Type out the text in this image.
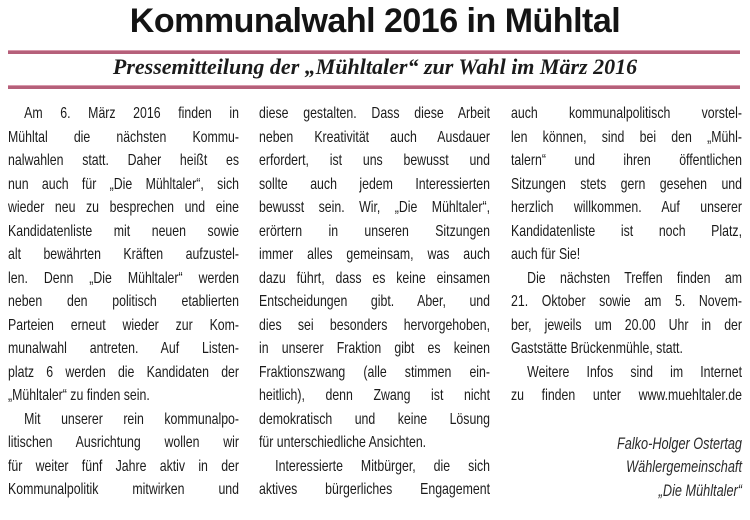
Kommunalwahl 2016 in Mühltal
Pressemitteilung der „Mühltaler“ zur Wahl im März 2016
Am 6. März 2016 finden in
Mühltal die nächsten Kommu-
nalwahlen statt. Daher heißt es
nun auch für „Die Mühltaler“, sich
wieder neu zu besprechen und eine
Kandidatenliste mit neuen sowie
alt bewährten Kräften aufzustel-
len. Denn „Die Mühltaler“ werden
neben den politisch etablierten
Parteien erneut wieder zur Kom-
munalwahl antreten. Auf Listen-
platz 6 werden die Kandidaten der
„Mühltaler“ zu finden sein.
Mit unserer rein kommunalpo-
litischen Ausrichtung wollen wir
für weiter fünf Jahre aktiv in der
Kommunalpolitik mitwirken und
diese gestalten. Dass diese Arbeit
neben Kreativität auch Ausdauer
erfordert, ist uns bewusst und
sollte auch jedem Interessierten
bewusst sein. Wir, „Die Mühltaler“,
erörtern in unseren Sitzungen
immer alles gemeinsam, was auch
dazu führt, dass es keine einsamen
Entscheidungen gibt. Aber, und
dies sei besonders hervorgehoben,
in unserer Fraktion gibt es keinen
Fraktionszwang (alle stimmen ein-
heitlich), denn Zwang ist nicht
demokratisch und keine Lösung
für unterschiedliche Ansichten.
Interessierte Mitbürger, die sich
aktives bürgerliches Engagement
auch kommunalpolitisch vorstel-
len können, sind bei den „Mühl-
talern“ und ihren öffentlichen
Sitzungen stets gern gesehen und
herzlich willkommen. Auf unserer
Kandidatenliste ist noch Platz,
auch für Sie!
Die nächsten Treffen finden am
21. Oktober sowie am 5. Novem-
ber, jeweils um 20.00 Uhr in der
Gaststätte Brückenmühle, statt.
Weitere Infos sind im Internet
zu finden unter www.muehltaler.de
Falko-Holger Ostertag
Wählergemeinschaft
„Die Mühltaler“
